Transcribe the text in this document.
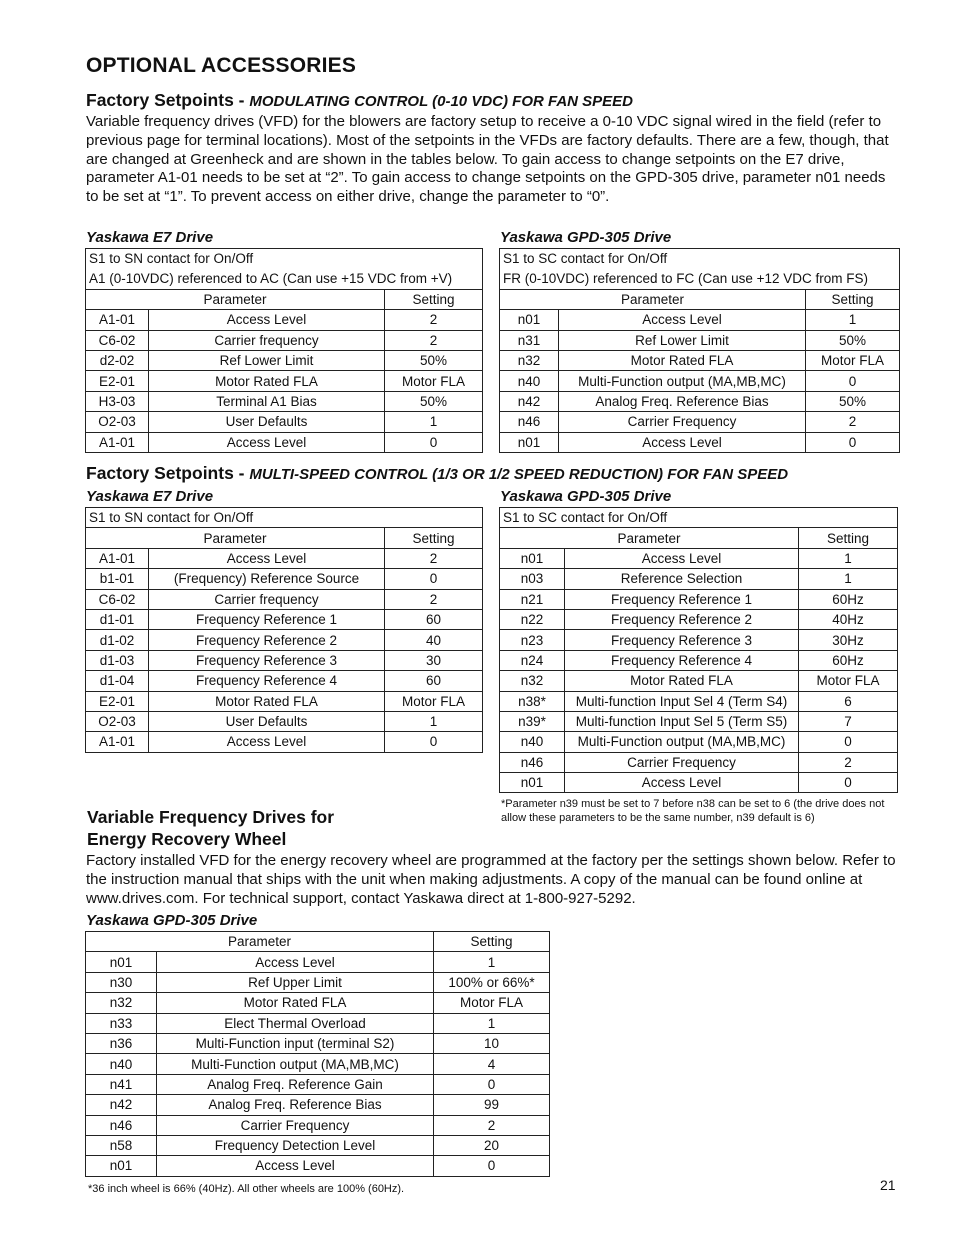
OPTIONAL ACCESSORIES
Factory Setpoints - MODULATING CONTROL (0-10 VDC) FOR FAN SPEED
Variable frequency drives (VFD) for the blowers are factory setup to receive a 0-10 VDC signal wired in the field (refer to previous page for terminal locations). Most of the setpoints in the VFDs are factory defaults. There are a few, though, that are changed at Greenheck and are shown in the tables below. To gain access to change setpoints on the E7 drive, parameter A1-01 needs to be set at “2”. To gain access to change setpoints on the GPD-305 drive, parameter n01 needs to be set at “1”. To prevent access on either drive, change the parameter to “0”.
Yaskawa E7 Drive
S1 to SN contact for On/Off		
A1 (0-10VDC) referenced to AC (Can use +15 VDC from +V)		
Parameter		Setting
A1-01	Access Level	2
C6-02	Carrier frequency	2
d2-02	Ref Lower Limit	50%
E2-01	Motor Rated FLA	Motor FLA
H3-03	Terminal A1 Bias	50%
O2-03	User Defaults	1
A1-01	Access Level	0
Yaskawa GPD-305 Drive
S1 to SC contact for On/Off		
FR (0-10VDC) referenced to FC (Can use +12 VDC from FS)		
Parameter		Setting
n01	Access Level	1
n31	Ref Lower Limit	50%
n32	Motor Rated FLA	Motor FLA
n40	Multi-Function output (MA,MB,MC)	0
n42	Analog Freq. Reference Bias	50%
n46	Carrier Frequency	2
n01	Access Level	0
Factory Setpoints - MULTI-SPEED CONTROL (1/3 OR 1/2 SPEED REDUCTION) FOR FAN SPEED
Yaskawa E7 Drive
S1 to SN contact for On/Off		
Parameter		Setting
A1-01	Access Level	2
b1-01	(Frequency) Reference Source	0
C6-02	Carrier frequency	2
d1-01	Frequency Reference 1	60
d1-02	Frequency Reference 2	40
d1-03	Frequency Reference 3	30
d1-04	Frequency Reference 4	60
E2-01	Motor Rated FLA	Motor FLA
O2-03	User Defaults	1
A1-01	Access Level	0
Yaskawa GPD-305 Drive
S1 to SC contact for On/Off		
Parameter		Setting
n01	Access Level	1
n03	Reference Selection	1
n21	Frequency Reference 1	60Hz
n22	Frequency Reference 2	40Hz
n23	Frequency Reference 3	30Hz
n24	Frequency Reference 4	60Hz
n32	Motor Rated FLA	Motor FLA
n38*	Multi-function Input Sel 4 (Term S4)	6
n39*	Multi-function Input Sel 5 (Term S5)	7
n40	Multi-Function output (MA,MB,MC)	0
n46	Carrier Frequency	2
n01	Access Level	0
*Parameter n39 must be set to 7 before n38 can be set to 6 (the drive does not allow these parameters to be the same number, n39 default is 6)
Variable Frequency Drives for
Energy Recovery Wheel
Factory installed VFD for the energy recovery wheel are programmed at the factory per the settings shown below. Refer to the instruction manual that ships with the unit when making adjustments. A copy of the manual can be found online at www.drives.com. For technical support, contact Yaskawa direct at 1-800-927-5292.
Yaskawa GPD-305 Drive
Parameter		Setting
n01	Access Level	1
n30	Ref Upper Limit	100% or 66%*
n32	Motor Rated FLA	Motor FLA
n33	Elect Thermal Overload	1
n36	Multi-Function input (terminal S2)	10
n40	Multi-Function output (MA,MB,MC)	4
n41	Analog Freq. Reference Gain	0
n42	Analog Freq. Reference Bias	99
n46	Carrier Frequency	2
n58	Frequency Detection Level	20
n01	Access Level	0
*36 inch wheel is 66% (40Hz). All other wheels are 100% (60Hz).	21
